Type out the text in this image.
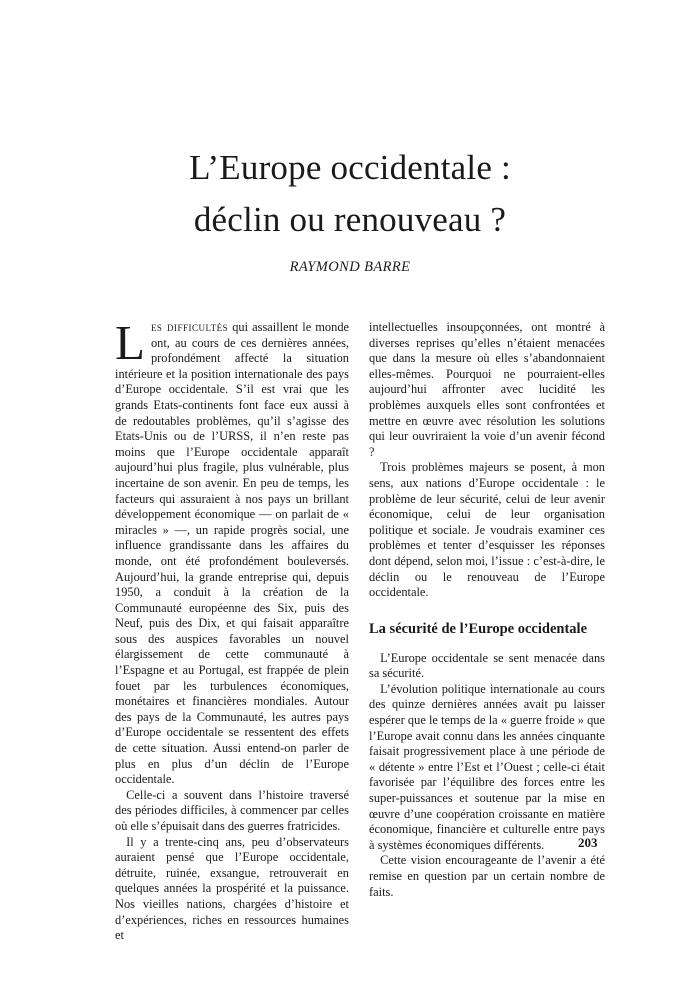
L’Europe occidentale :
déclin ou renouveau ?
RAYMOND BARRE

Les difficultés qui assaillent le monde ont, au cours de ces dernières années, profondément affecté la situation intérieure et la position internationale des pays d’Europe occidentale. S’il est vrai que les grands Etats-continents font face eux aussi à de redoutables problèmes, qu’il s’agisse des Etats-Unis ou de l’URSS, il n’en reste pas moins que l’Europe occidentale apparaît aujourd’hui plus fragile, plus vulnérable, plus incertaine de son avenir. En peu de temps, les facteurs qui assuraient à nos pays un brillant développement économique — on parlait de « miracles » —, un rapide progrès social, une influence grandissante dans les affaires du monde, ont été profondément bouleversés. Aujourd’hui, la grande entreprise qui, depuis 1950, a conduit à la création de la Communauté européenne des Six, puis des Neuf, puis des Dix, et qui faisait apparaître sous des auspices favorables un nouvel élargissement de cette communauté à l’Espagne et au Portugal, est frappée de plein fouet par les turbulences économiques, monétaires et financières mondiales. Autour des pays de la Communauté, les autres pays d’Europe occidentale se ressentent des effets de cette situation. Aussi entend-on parler de plus en plus d’un déclin de l’Europe occidentale.

Celle-ci a souvent dans l’histoire traversé des périodes difficiles, à commencer par celles où elle s’épuisait dans des guerres fratricides.

Il y a trente-cinq ans, peu d’observateurs auraient pensé que l’Europe occidentale, détruite, ruinée, exsangue, retrouverait en quelques années la prospérité et la puissance. Nos vieilles nations, chargées d’histoire et d’expériences, riches en ressources humaines et

intellectuelles insoupçonnées, ont montré à diverses reprises qu’elles n’étaient menacées que dans la mesure où elles s’abandonnaient elles-mêmes. Pourquoi ne pourraient-elles aujourd’hui affronter avec lucidité les problèmes auxquels elles sont confrontées et mettre en œuvre avec résolution les solutions qui leur ouvriraient la voie d’un avenir fécond ?

Trois problèmes majeurs se posent, à mon sens, aux nations d’Europe occidentale : le problème de leur sécurité, celui de leur avenir économique, celui de leur organisation politique et sociale. Je voudrais examiner ces problèmes et tenter d’esquisser les réponses dont dépend, selon moi, l’issue : c’est-à-dire, le déclin ou le renouveau de l’Europe occidentale.

La sécurité de l’Europe occidentale

L’Europe occidentale se sent menacée dans sa sécurité.

L’évolution politique internationale au cours des quinze dernières années avait pu laisser espérer que le temps de la « guerre froide » que l’Europe avait connu dans les années cinquante faisait progressivement place à une période de « détente » entre l’Est et l’Ouest ; celle-ci était favorisée par l’équilibre des forces entre les super-puissances et soutenue par la mise en œuvre d’une coopération croissante en matière économique, financière et culturelle entre pays à systèmes économiques différents.

Cette vision encourageante de l’avenir a été remise en question par un certain nombre de faits.

203
